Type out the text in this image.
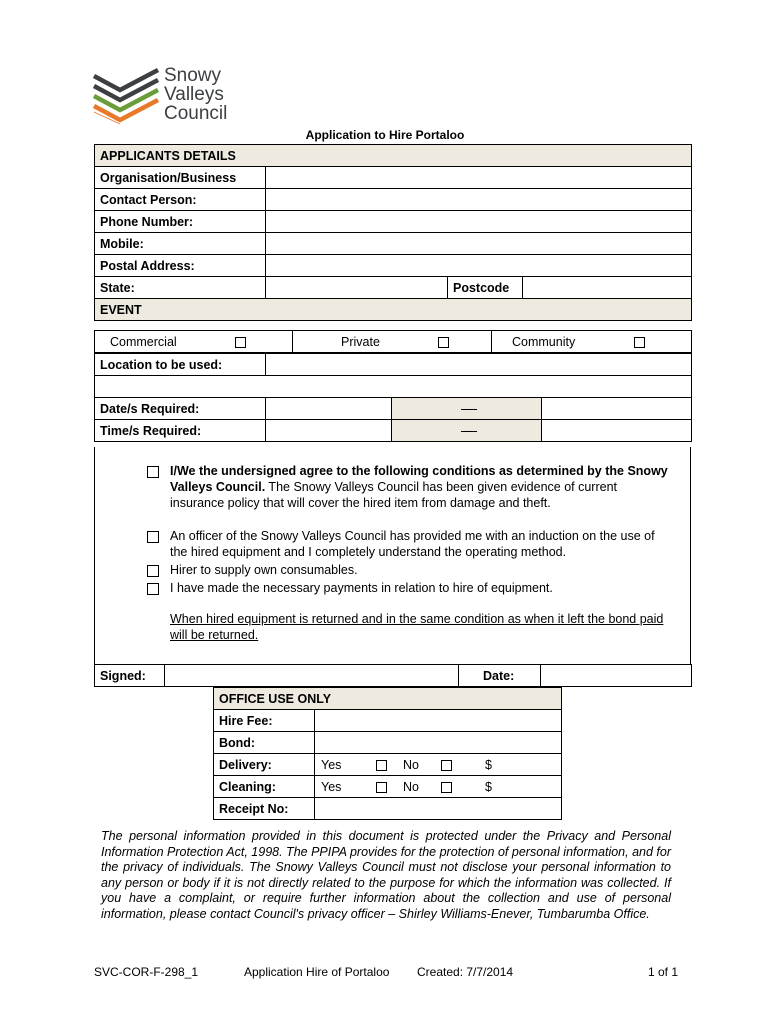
Snowy
Valleys
Council
Application to Hire Portaloo
APPLICANTS DETAILS			
Organisation/Business			
Contact Person:			
Phone Number:			
Mobile:			
Postal Address:			
State:		Postcode	
EVENT			
Commercial	Private	Community
Location to be used:			

Date/s Required:			
Time/s Required:			
I/We the undersigned agree to the following conditions as determined by the Snowy Valleys Council. The Snowy Valleys Council has been given evidence of current insurance policy that will cover the hired item from damage and theft.
An officer of the Snowy Valleys Council has provided me with an induction on the use of the hired equipment and I completely understand the operating method.
Hirer to supply own consumables.
I have made the necessary payments in relation to hire of equipment.
When hired equipment is returned and in the same condition as when it left the bond paid will be returned.
Signed:		Date:	
OFFICE USE ONLY	
Hire Fee:	
Bond:	
Delivery:	Yes No $

Cleaning:	Yes No $

Receipt No:	
The personal information provided in this document is protected under the Privacy and Personal Information Protection Act, 1998. The PPIPA provides for the protection of personal information, and for the privacy of individuals. The Snowy Valleys Council must not disclose your personal information to any person or body if it is not directly related to the purpose for which the information was collected. If you have a complaint, or require further information about the collection and use of personal information, please contact Council's privacy officer – Shirley Williams-Enever, Tumbarumba Office.
SVC-COR-F-298_1	Application Hire of Portaloo Created: 7/7/2014	1 of 1
